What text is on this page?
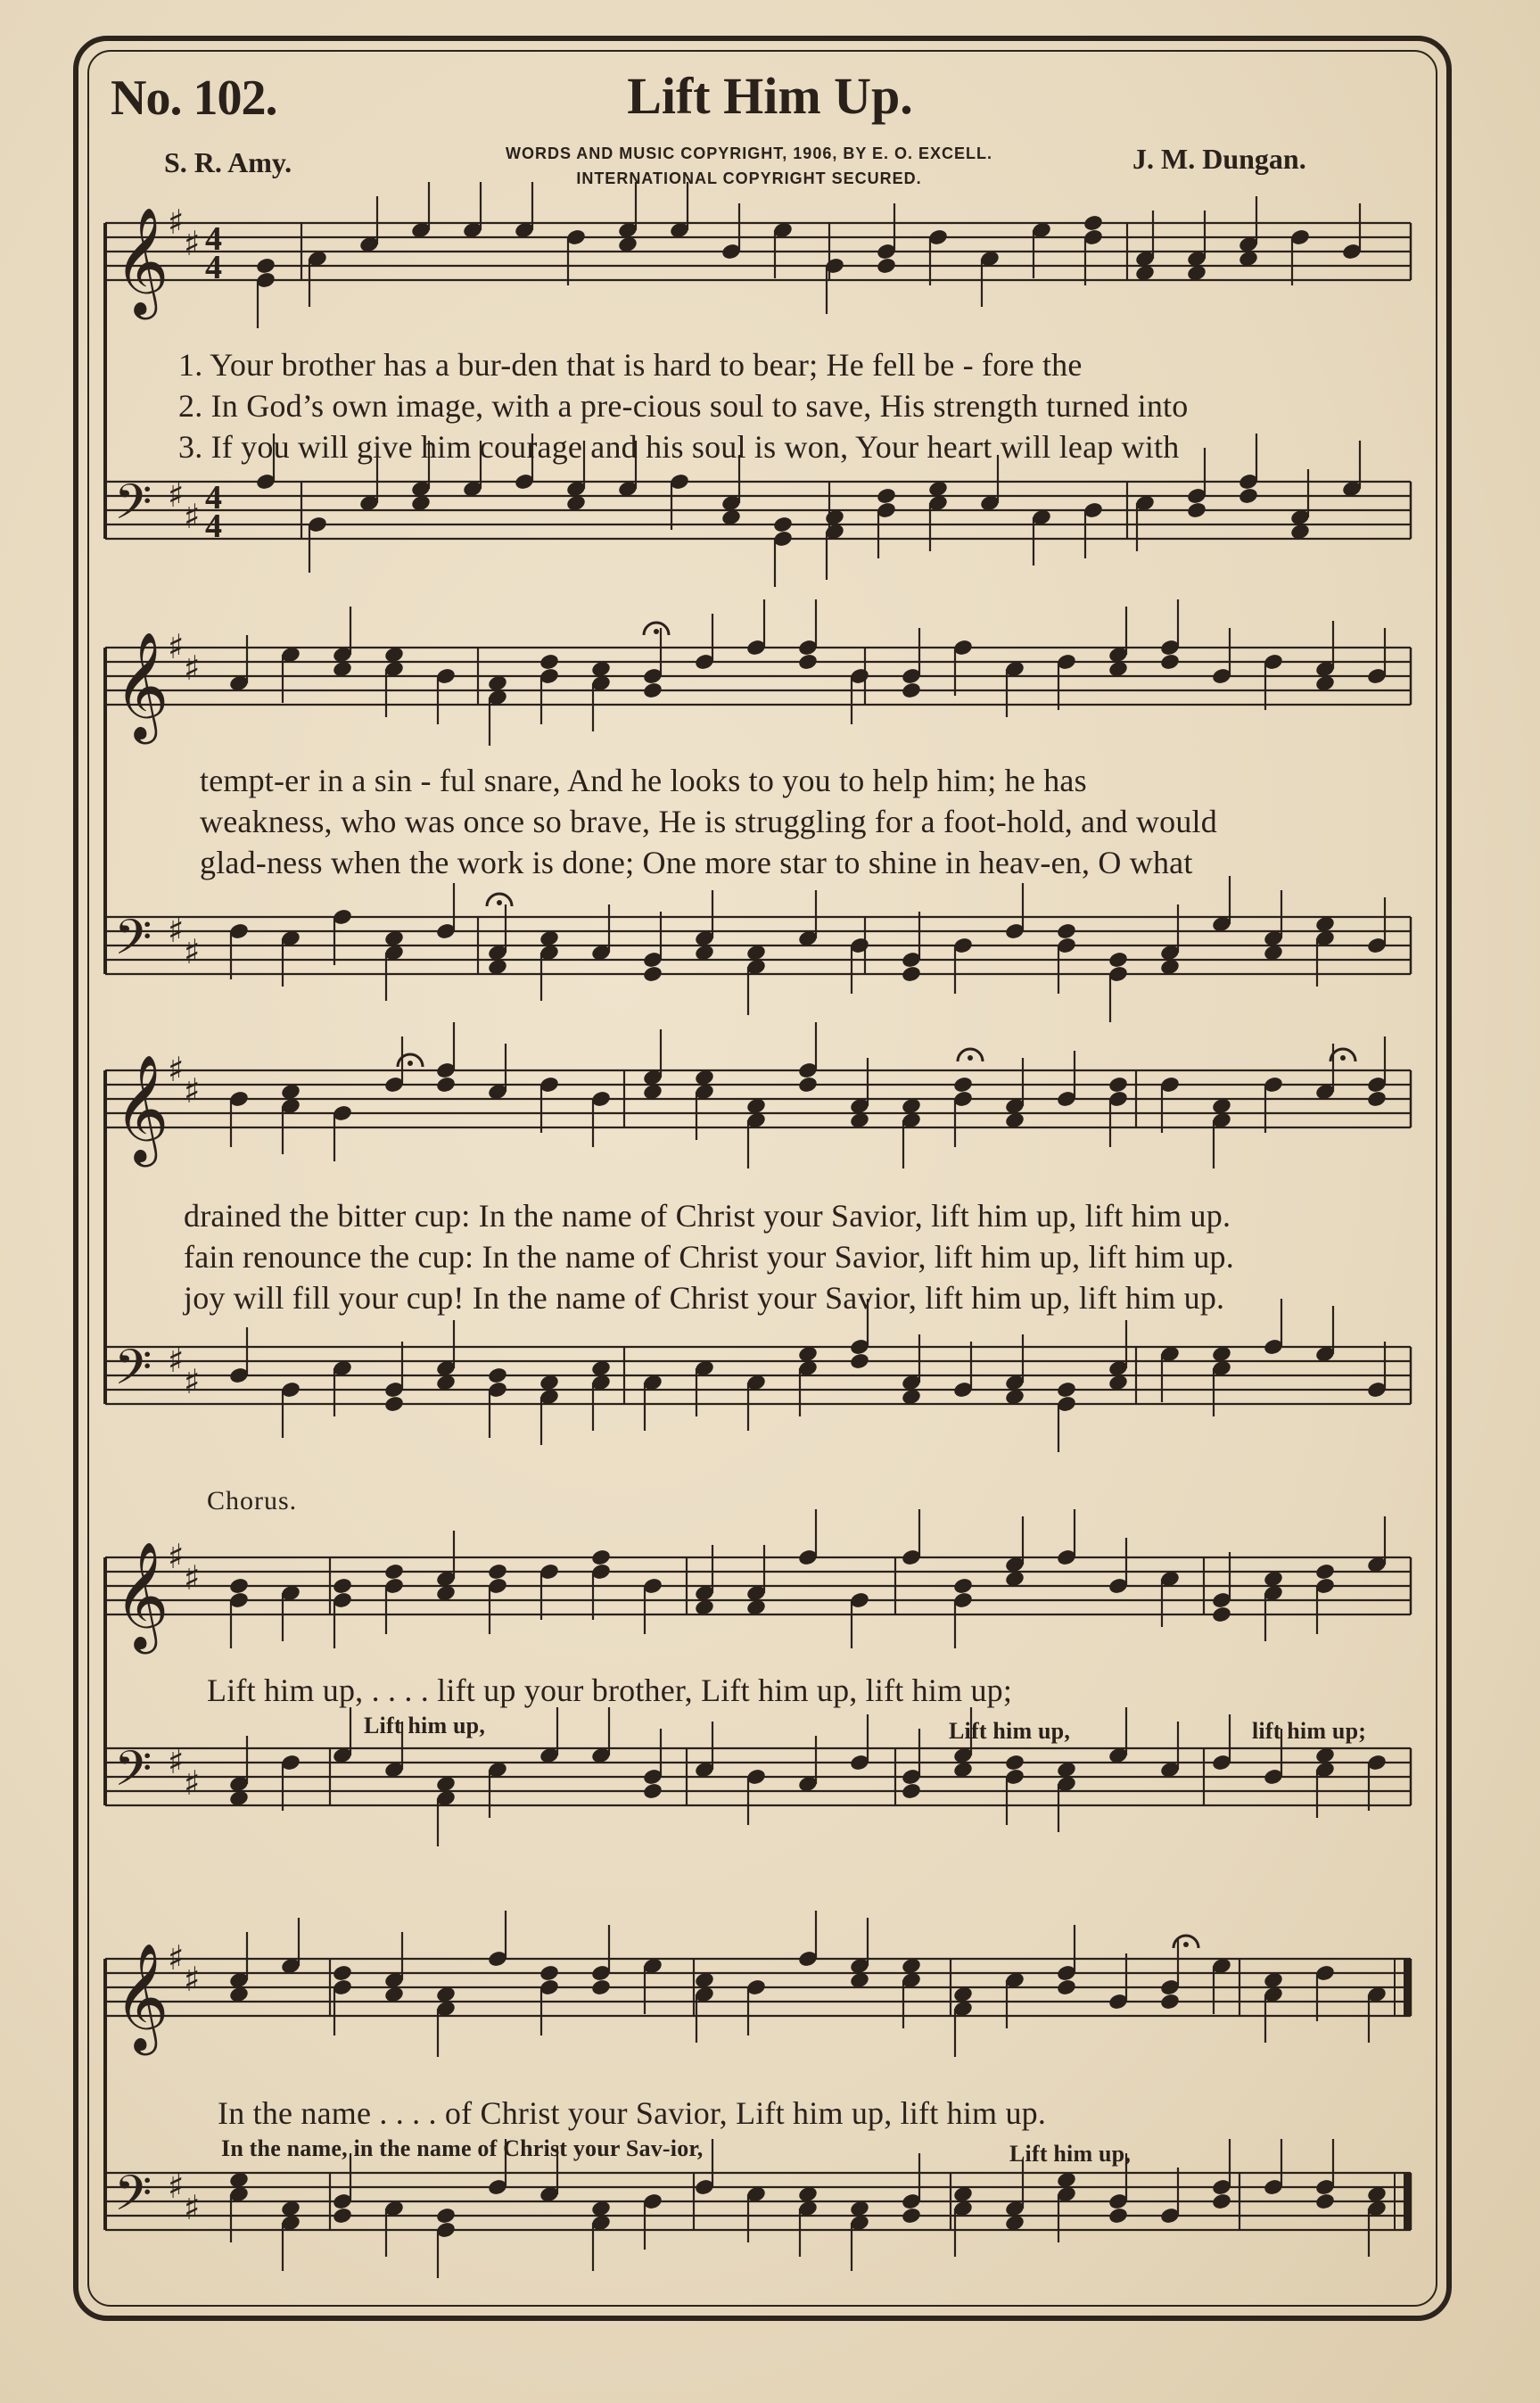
No. 102.	Lift Him Up.
S. R. Amy.	J. M. Dungan.
WORDS AND MUSIC COPYRIGHT, 1906, BY E. O. EXCELL.
INTERNATIONAL COPYRIGHT SECURED.
𝄞
𝄢
♯
♯
♯
♯
4
4
4
4
𝄞
𝄢
♯
♯
♯
♯
𝄞
𝄢
♯
♯
♯
♯
𝄞
𝄢
♯
♯
♯
♯
𝄞
𝄢
♯
♯
♯
♯
1. Your brother has a bur-den that is hard to bear; He fell be - fore the
2. In God’s own image, with a pre-cious soul to save, His strength turned into
3. If you will give him courage and his soul is won, Your heart will leap with
tempt-er in a sin - ful snare, And he looks to you to help him; he has
weakness, who was once so brave, He is struggling for a foot-hold, and would
glad-ness when the work is done; One more star to shine in heav-en, O what
drained the bitter cup: In the name of Christ your Savior, lift him up, lift him up.
fain renounce the cup: In the name of Christ your Savior, lift him up, lift him up.
joy will fill your cup! In the name of Christ your Savior, lift him up, lift him up.
Chorus.
Lift him up, . . . . lift up your brother, Lift him up, lift him up;
Lift him up,	Lift him up,	lift him up;
In the name . . . . of Christ your Savior, Lift him up, lift him up.
In the name, in the name of Christ your Sav-ior,	Lift him up,
